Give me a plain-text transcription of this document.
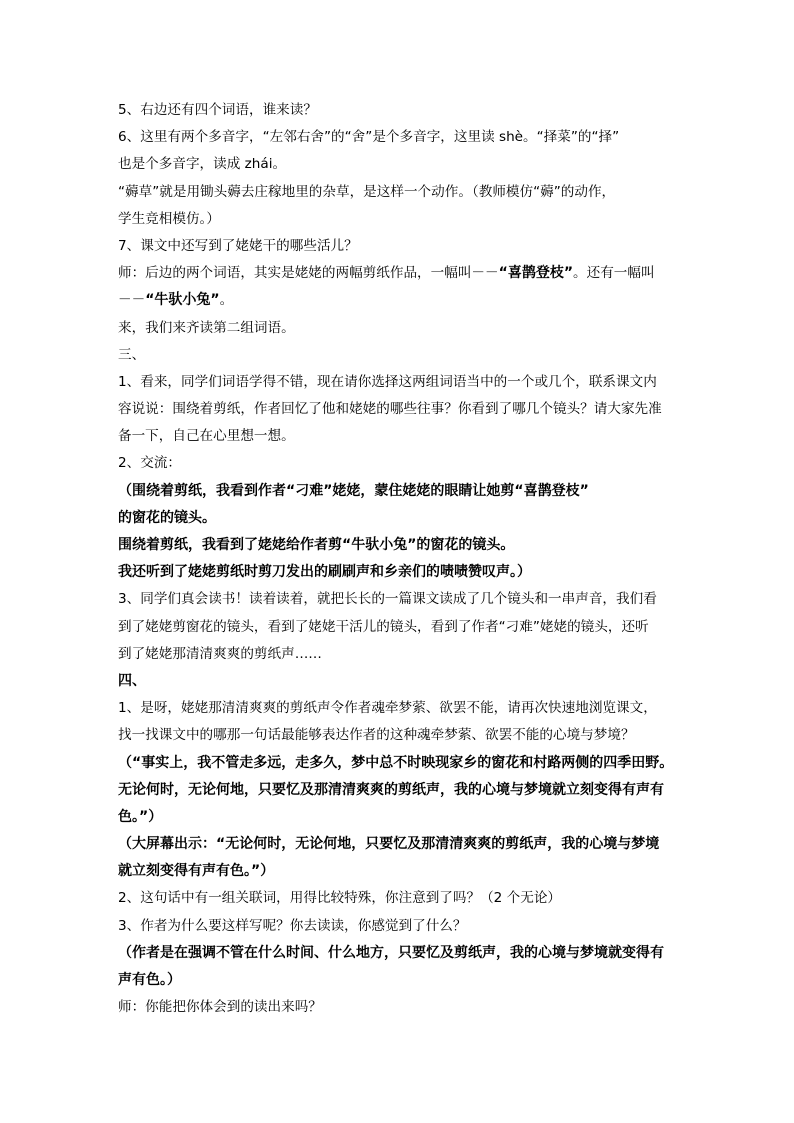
5、右边还有四个词语，谁来读？
6、这里有两个多音字，“左邻右舍”的“舍”是个多音字，这里读 shè。“择菜”的“择”
也是个多音字，读成 zhái。
“薅草”就是用锄头薅去庄稼地里的杂草，是这样一个动作。（教师模仿“薅”的动作，
学生竞相模仿。）
7、课文中还写到了姥姥干的哪些活儿？
师：后边的两个词语，其实是姥姥的两幅剪纸作品，一幅叫－－“喜鹊登枝”。还有一幅叫
－－“牛驮小兔”。
来，我们来齐读第二组词语。
三、
1、看来，同学们词语学得不错，现在请你选择这两组词语当中的一个或几个，联系课文内
容说说：围绕着剪纸，作者回忆了他和姥姥的哪些往事？你看到了哪几个镜头？请大家先准
备一下，自己在心里想一想。
2、交流：
（围绕着剪纸，我看到作者“刁难”姥姥，蒙住姥姥的眼睛让她剪“喜鹊登枝”
的窗花的镜头。
围绕着剪纸，我看到了姥姥给作者剪“牛驮小兔”的窗花的镜头。
我还听到了姥姥剪纸时剪刀发出的刷刷声和乡亲们的啧啧赞叹声。）
3、同学们真会读书！读着读着，就把长长的一篇课文读成了几个镜头和一串声音，我们看
到了姥姥剪窗花的镜头，看到了姥姥干活儿的镜头，看到了作者“刁难”姥姥的镜头，还听
到了姥姥那清清爽爽的剪纸声……
四、
1、是呀，姥姥那清清爽爽的剪纸声令作者魂牵梦萦、欲罢不能，请再次快速地浏览课文，
找一找课文中的哪那一句话最能够表达作者的这种魂牵梦萦、欲罢不能的心境与梦境？
（“事实上，我不管走多远，走多久，梦中总不时映现家乡的窗花和村路两侧的四季田野。
无论何时，无论何地，只要忆及那清清爽爽的剪纸声，我的心境与梦境就立刻变得有声有
色。”）
（大屏幕出示：“无论何时，无论何地，只要忆及那清清爽爽的剪纸声，我的心境与梦境
就立刻变得有声有色。”）
2、这句话中有一组关联词，用得比较特殊，你注意到了吗？（2 个无论）
3、作者为什么要这样写呢？你去读读，你感觉到了什么？
（作者是在强调不管在什么时间、什么地方，只要忆及剪纸声，我的心境与梦境就变得有
声有色。）
师：你能把你体会到的读出来吗？
